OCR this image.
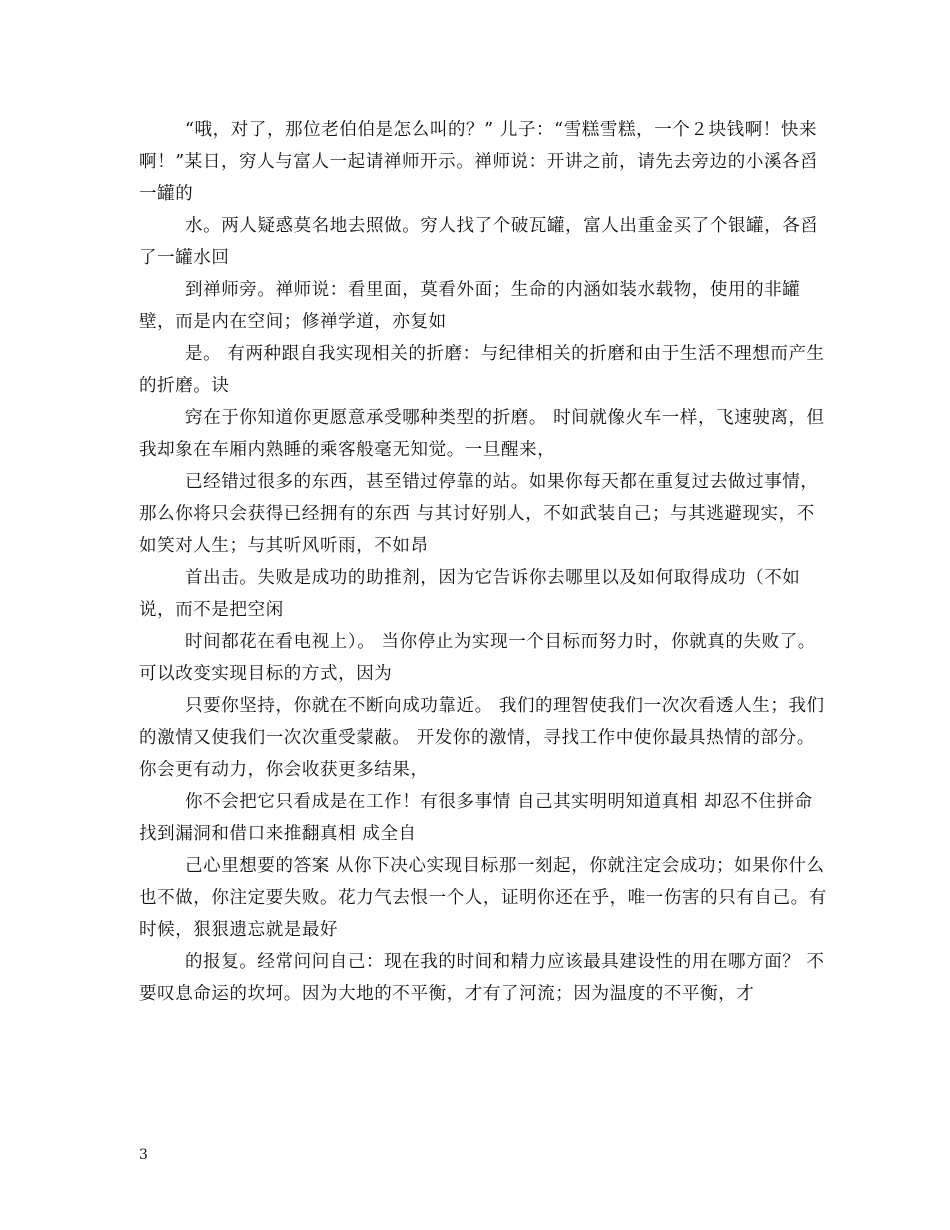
“哦，对了，那位老伯伯是怎么叫的？” 儿子：“雪糕雪糕，一个２块钱啊！快来啊！”某日，穷人与富人一起请禅师开示。禅师说：开讲之前，请先去旁边的小溪各舀一罐的

水。两人疑惑莫名地去照做。穷人找了个破瓦罐，富人出重金买了个银罐，各舀了一罐水回

到禅师旁。禅师说：看里面，莫看外面；生命的内涵如装水载物，使用的非罐壁，而是内在空间；修禅学道，亦复如

是。 有两种跟自我实现相关的折磨：与纪律相关的折磨和由于生活不理想而产生的折磨。诀

窍在于你知道你更愿意承受哪种类型的折磨。 时间就像火车一样，飞速驶离，但我却象在车厢内熟睡的乘客般毫无知觉。一旦醒来，

已经错过很多的东西，甚至错过停靠的站。如果你每天都在重复过去做过事情，那么你将只会获得已经拥有的东西 与其讨好别人，不如武装自己；与其逃避现实，不如笑对人生；与其听风听雨，不如昂

首出击。失败是成功的助推剂，因为它告诉你去哪里以及如何取得成功（不如说，而不是把空闲

时间都花在看电视上）。 当你停止为实现一个目标而努力时，你就真的失败了。可以改变实现目标的方式，因为

只要你坚持，你就在不断向成功靠近。 我们的理智使我们一次次看透人生；我们的激情又使我们一次次重受蒙蔽。 开发你的激情，寻找工作中使你最具热情的部分。你会更有动力，你会收获更多结果，

你不会把它只看成是在工作！有很多事情 自己其实明明知道真相 却忍不住拼命找到漏洞和借口来推翻真相 成全自

己心里想要的答案 从你下决心实现目标那一刻起，你就注定会成功；如果你什么也不做，你注定要失败。花力气去恨一个人，证明你还在乎，唯一伤害的只有自己。有时候，狠狠遗忘就是最好

的报复。经常问问自己：现在我的时间和精力应该最具建设性的用在哪方面？ 不要叹息命运的坎坷。因为大地的不平衡，才有了河流；因为温度的不平衡，才

3
